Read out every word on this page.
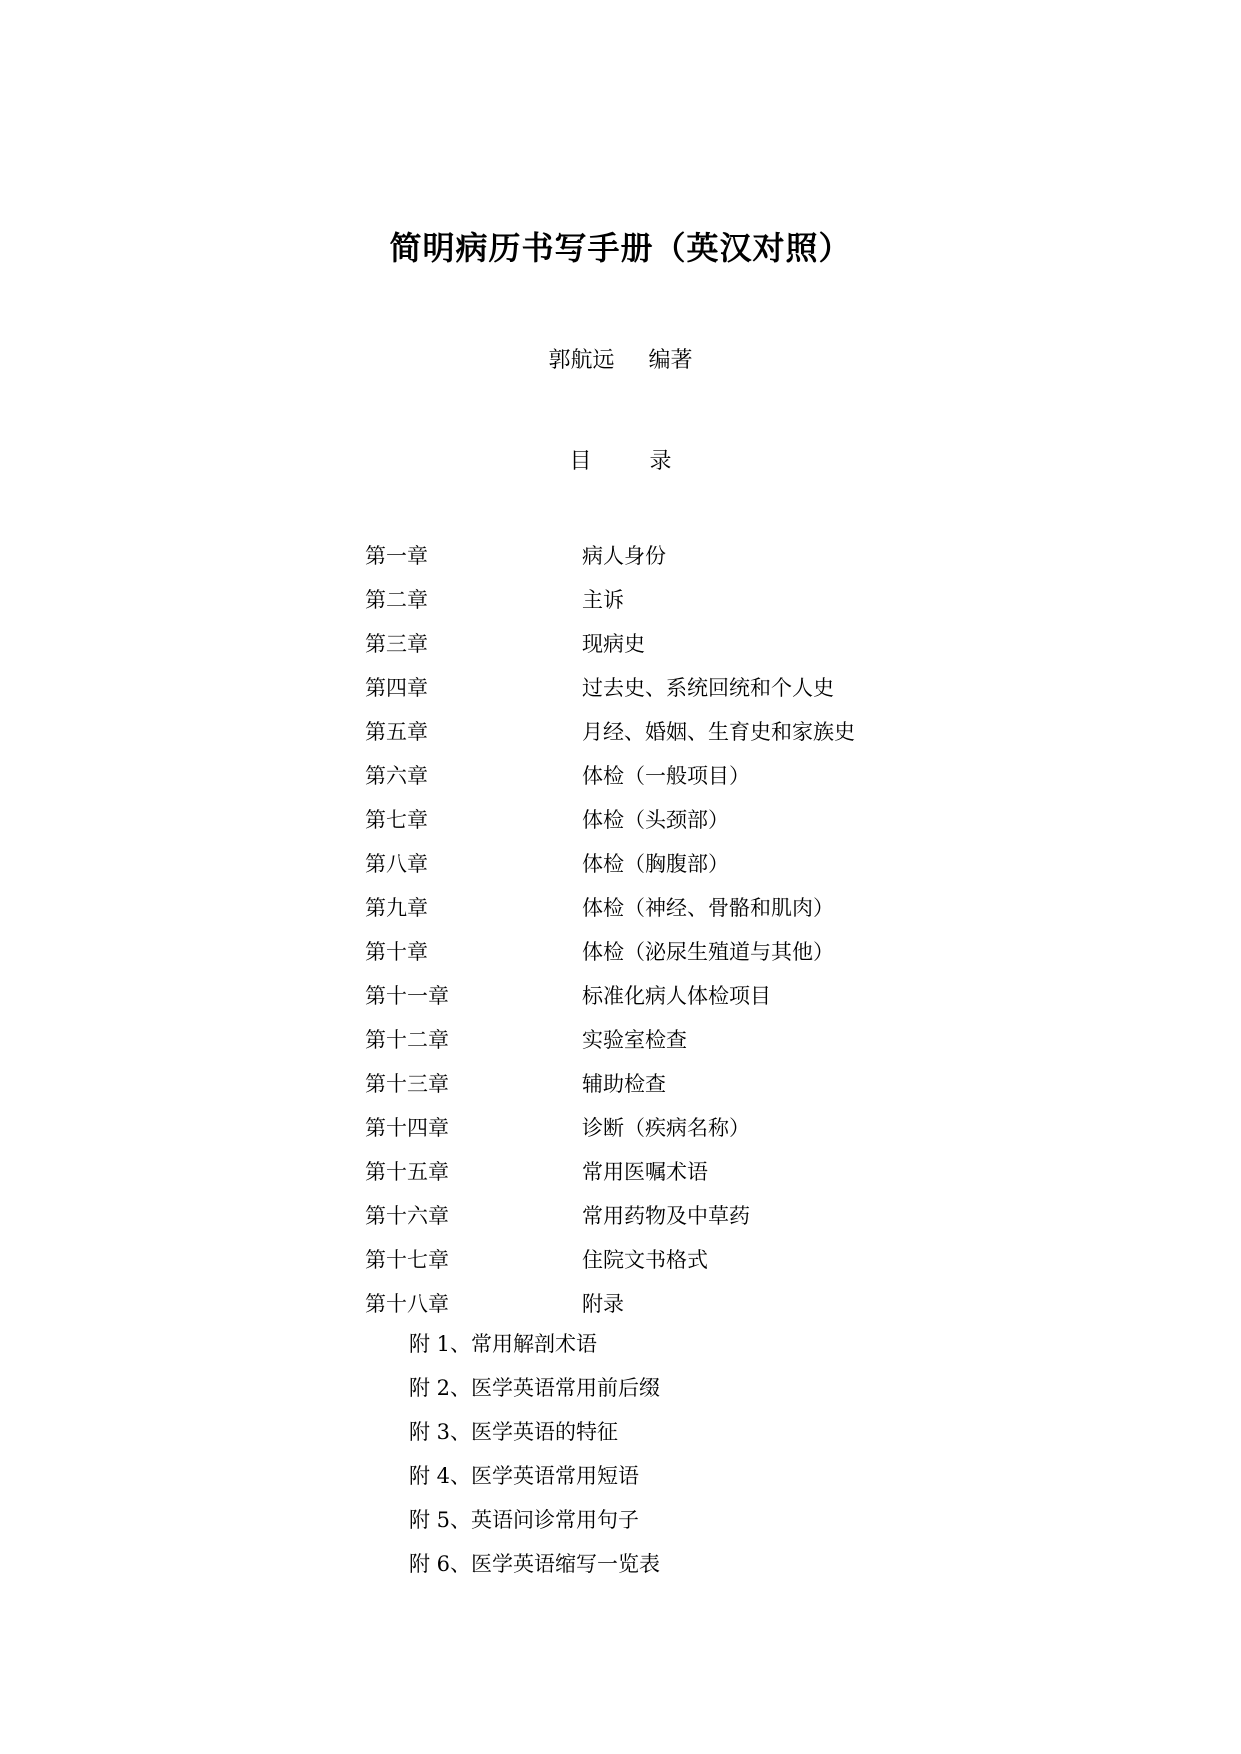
简明病历书写手册（英汉对照）
郭航远 编著
目　录
第一章	病人身份
第二章	主诉
第三章	现病史
第四章	过去史、系统回统和个人史
第五章	月经、婚姻、生育史和家族史
第六章	体检（一般项目）
第七章	体检（头颈部）
第八章	体检（胸腹部）
第九章	体检（神经、骨骼和肌肉）
第十章	体检（泌尿生殖道与其他）
第十一章	标准化病人体检项目
第十二章	实验室检查
第十三章	辅助检查
第十四章	诊断（疾病名称）
第十五章	常用医嘱术语
第十六章	常用药物及中草药
第十七章	住院文书格式
第十八章	附录
附 1、常用解剖术语
附 2、医学英语常用前后缀
附 3、医学英语的特征
附 4、医学英语常用短语
附 5、英语问诊常用句子
附 6、医学英语缩写一览表
